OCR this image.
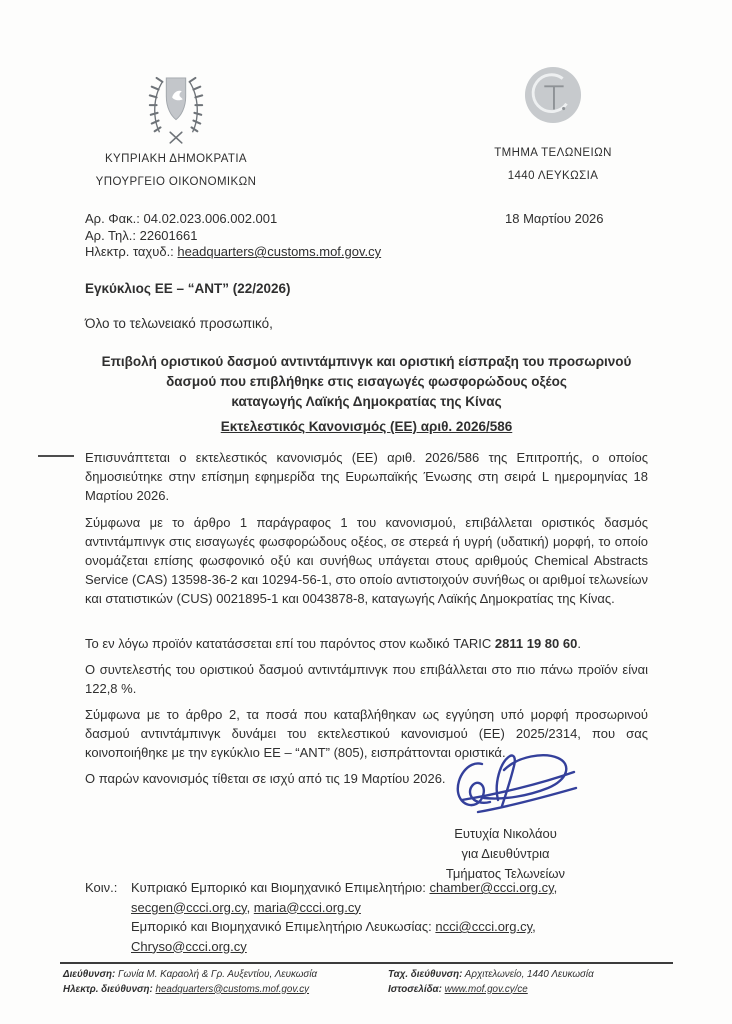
ΚΥΠΡΙΑΚΗ ΔΗΜΟΚΡΑΤΙΑ
ΥΠΟΥΡΓΕΙΟ ΟΙΚΟΝΟΜΙΚΩΝ
ΤΜΗΜΑ ΤΕΛΩΝΕΙΩΝ
1440 ΛΕΥΚΩΣΙΑ
Αρ. Φακ.: 04.02.023.006.002.001
Αρ. Τηλ.: 22601661
Ηλεκτρ. ταχυδ.: headquarters@customs.mof.gov.cy
18 Μαρτίου 2026
Εγκύκλιος ΕΕ – “ΑΝΤ” (22/2026)
Όλο το τελωνειακό προσωπικό,
Επιβολή οριστικού δασμού αντιντάμπινγκ και οριστική είσπραξη του προσωρινού
δασμού που επιβλήθηκε στις εισαγωγές φωσφορώδους οξέος
καταγωγής Λαϊκής Δημοκρατίας της Κίνας
Εκτελεστικός Κανονισμός (ΕΕ) αριθ. 2026/586
Επισυνάπτεται ο εκτελεστικός κανονισμός (ΕΕ) αριθ. 2026/586 της Επιτροπής, ο οποίος δημοσιεύτηκε στην επίσημη εφημερίδα της Ευρωπαϊκής Ένωσης στη σειρά L ημερομηνίας 18 Μαρτίου 2026.
Σύμφωνα με το άρθρο 1 παράγραφος 1 του κανονισμού, επιβάλλεται οριστικός δασμός αντιντάμπινγκ στις εισαγωγές φωσφορώδους οξέος, σε στερεά ή υγρή (υδατική) μορφή, το οποίο ονομάζεται επίσης φωσφονικό οξύ και συνήθως υπάγεται στους αριθμούς Chemical Abstracts Service (CAS) 13598-36-2 και 10294-56-1, στο οποίο αντιστοιχούν συνήθως οι αριθμοί τελωνείων και στατιστικών (CUS) 0021895-1 και 0043878-8, καταγωγής Λαϊκής Δημοκρατίας της Κίνας.
Το εν λόγω προϊόν κατατάσσεται επί του παρόντος στον κωδικό TARIC 2811 19 80 60.
Ο συντελεστής του οριστικού δασμού αντιντάμπινγκ που επιβάλλεται στο πιο πάνω προϊόν είναι 122,8 %.
Σύμφωνα με το άρθρο 2, τα ποσά που καταβλήθηκαν ως εγγύηση υπό μορφή προσωρινού δασμού αντιντάμπινγκ δυνάμει του εκτελεστικού κανονισμού (ΕΕ) 2025/2314, που σας κοινοποιήθηκε με την εγκύκλιο ΕΕ – “ΑΝΤ” (805), εισπράττονται οριστικά.
Ο παρών κανονισμός τίθεται σε ισχύ από τις 19 Μαρτίου 2026.
Ευτυχία Νικολάου
για Διευθύντρια
Τμήματος Τελωνείων
Κοιν.:	Κυπριακό Εμπορικό και Βιομηχανικό Επιμελητήριο: chamber@ccci.org.cy,
secgen@ccci.org.cy, maria@ccci.org.cy
Εμπορικό και Βιομηχανικό Επιμελητήριο Λευκωσίας: ncci@ccci.org.cy,
Chryso@ccci.org.cy
Διεύθυνση: Γωνία Μ. Καραολή & Γρ. Αυξεντίου, Λευκωσία
Ηλεκτρ. διεύθυνση: headquarters@customs.mof.gov.cy
Ταχ. διεύθυνση: Αρχιτελωνείο, 1440 Λευκωσία
Ιστοσελίδα: www.mof.gov.cy/ce
